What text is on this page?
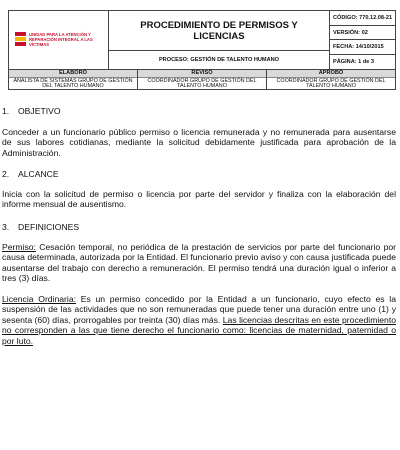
UNIDAD PARA LA ATENCIÓN Y REPARACIÓN INTEGRAL A LAS VÍCTIMAS
PROCEDIMIENTO DE PERMISOS Y LICENCIAS
PROCESO: GESTIÓN DE TALENTO HUMANO
CÓDIGO: 770.12.08-21
VERSIÓN: 02
FECHA: 14/10/2015
PÁGINA: 1 de 3
ELABORÓ
ANALISTA DE SISTEMAS GRUPO DE GESTIÓN DEL TALENTO HUMANO
REVISÓ
COORDINADOR GRUPO DE GESTIÓN DEL TALENTO HUMANO
APROBÓ
COORDINADOR GRUPO DE GESTIÓN DEL TALENTO HUMANO
1. OBJETIVO
Conceder a un funcionario público permiso o licencia remunerada y no remunerada para ausentarse de sus labores cotidianas, mediante la solicitud debidamente justificada para aprobación de la Administración.
2. ALCANCE
Inicia con la solicitud de permiso o licencia por parte del servidor y finaliza con la elaboración del informe mensual de ausentismo.
3. DEFINICIONES
Permiso: Cesación temporal, no periódica de la prestación de servicios por parte del funcionario por causa determinada, autorizada por la Entidad. El funcionario previo aviso y con causa justificada puede ausentarse del trabajo con derecho a remuneración. El permiso tendrá una duración igual o inferior a tres (3) días.
Licencia Ordinaria: Es un permiso concedido por la Entidad a un funcionario, cuyo efecto es la suspensión de las actividades que no son remuneradas que puede tener una duración entre uno (1) y sesenta (60) días, prorrogables por treinta (30) días más. Las licencias descritas en este procedimiento no corresponden a las que tiene derecho el funcionario como: licencias de maternidad, paternidad o por luto.
